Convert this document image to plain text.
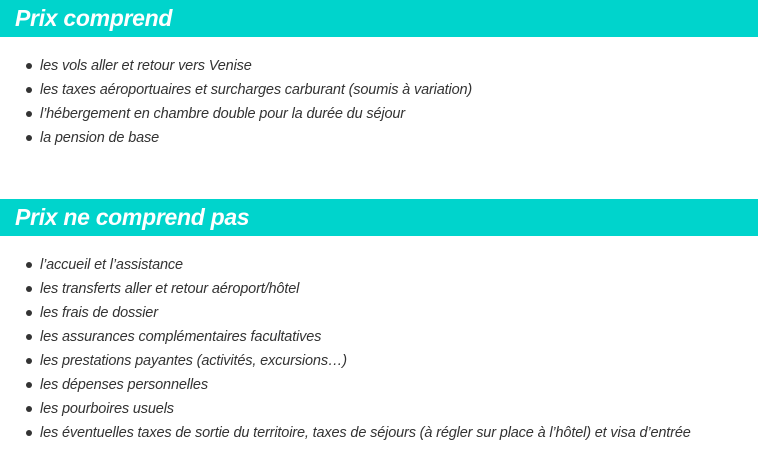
Prix comprend
les vols aller et retour vers Venise
les taxes aéroportuaires et surcharges carburant (soumis à variation)
l’hébergement en chambre double pour la durée du séjour
la pension de base
Prix ne comprend pas
l’accueil et l’assistance
les transferts aller et retour aéroport/hôtel
les frais de dossier
les assurances complémentaires facultatives
les prestations payantes (activités, excursions…)
les dépenses personnelles
les pourboires usuels
les éventuelles taxes de sortie du territoire, taxes de séjours (à régler sur place à l’hôtel) et visa d’entrée
